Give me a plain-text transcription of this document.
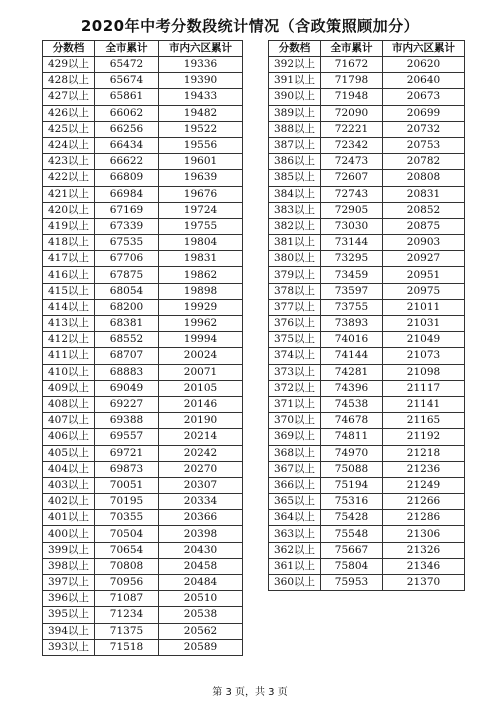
2020年中考分数段统计情况（含政策照顾加分）
分数档	全市累计	市内六区累计
429以上	65472	19336
428以上	65674	19390
427以上	65861	19433
426以上	66062	19482
425以上	66256	19522
424以上	66434	19556
423以上	66622	19601
422以上	66809	19639
421以上	66984	19676
420以上	67169	19724
419以上	67339	19755
418以上	67535	19804
417以上	67706	19831
416以上	67875	19862
415以上	68054	19898
414以上	68200	19929
413以上	68381	19962
412以上	68552	19994
411以上	68707	20024
410以上	68883	20071
409以上	69049	20105
408以上	69227	20146
407以上	69388	20190
406以上	69557	20214
405以上	69721	20242
404以上	69873	20270
403以上	70051	20307
402以上	70195	20334
401以上	70355	20366
400以上	70504	20398
399以上	70654	20430
398以上	70808	20458
397以上	70956	20484
396以上	71087	20510
395以上	71234	20538
394以上	71375	20562
393以上	71518	20589
分数档	全市累计	市内六区累计
392以上	71672	20620
391以上	71798	20640
390以上	71948	20673
389以上	72090	20699
388以上	72221	20732
387以上	72342	20753
386以上	72473	20782
385以上	72607	20808
384以上	72743	20831
383以上	72905	20852
382以上	73030	20875
381以上	73144	20903
380以上	73295	20927
379以上	73459	20951
378以上	73597	20975
377以上	73755	21011
376以上	73893	21031
375以上	74016	21049
374以上	74144	21073
373以上	74281	21098
372以上	74396	21117
371以上	74538	21141
370以上	74678	21165
369以上	74811	21192
368以上	74970	21218
367以上	75088	21236
366以上	75194	21249
365以上	75316	21266
364以上	75428	21286
363以上	75548	21306
362以上	75667	21326
361以上	75804	21346
360以上	75953	21370
第 3 页，共 3 页
